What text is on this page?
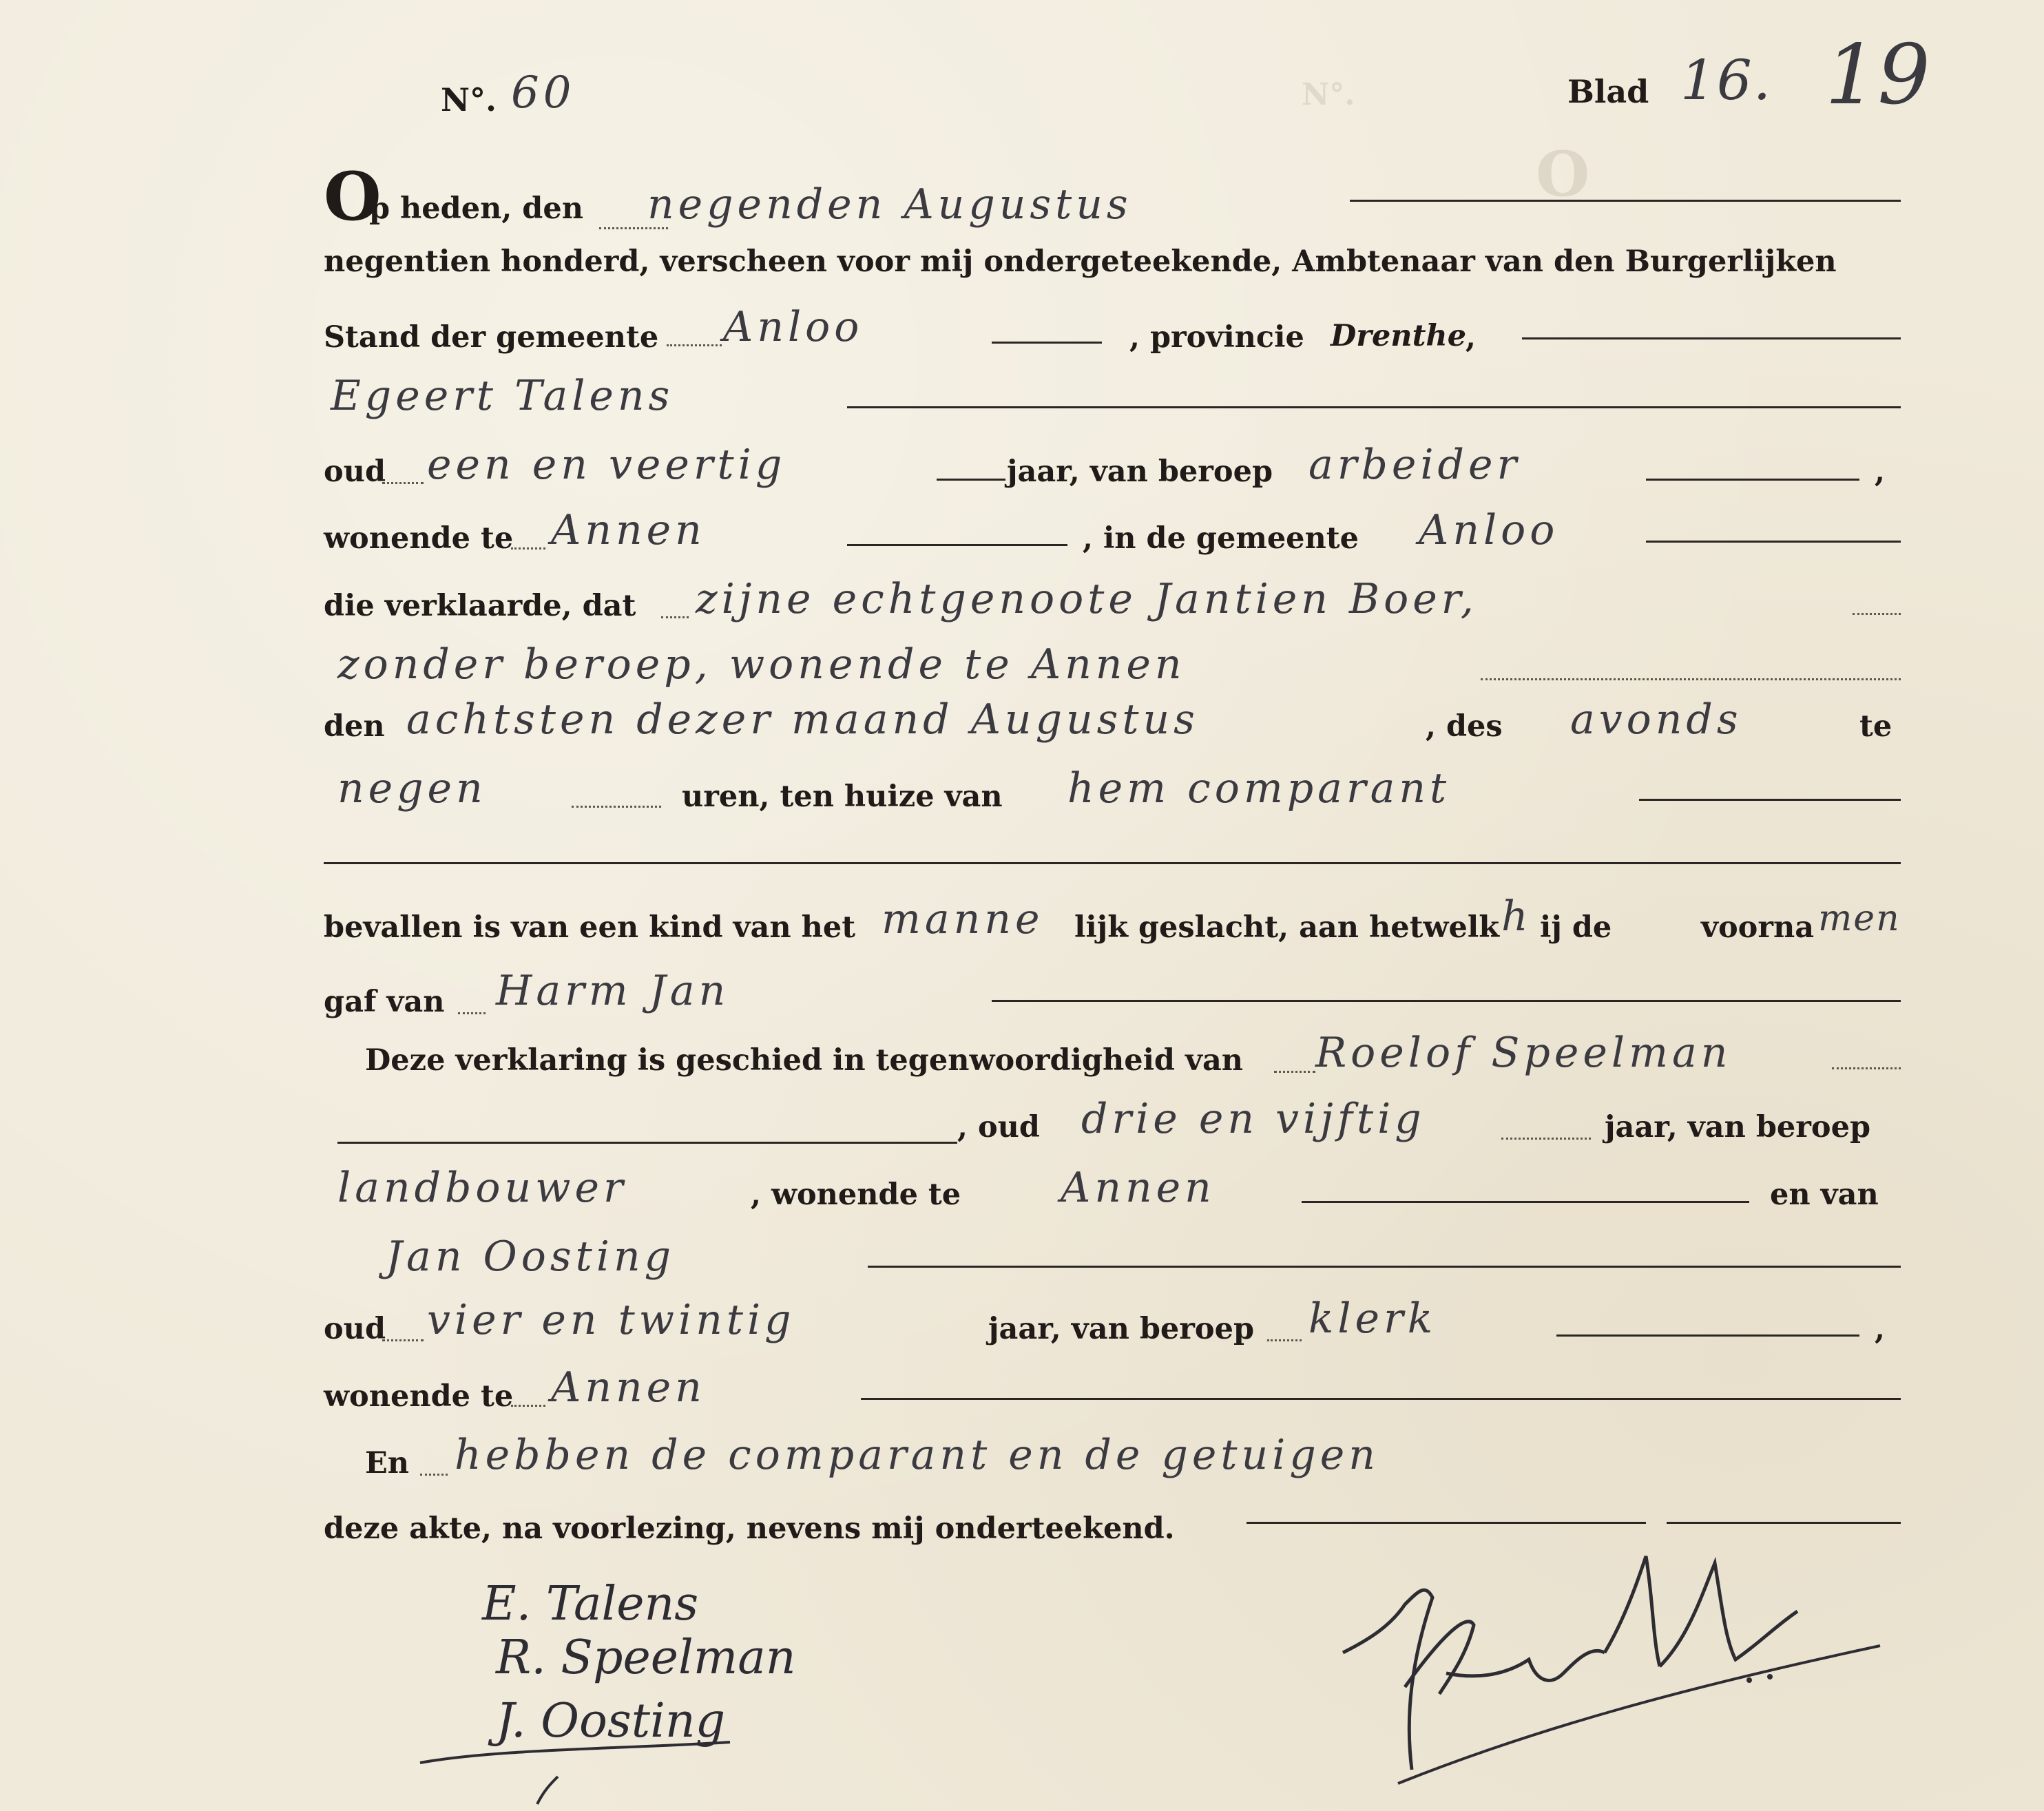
N°.
O
N°. 60	Blad 16. 19
O
p heden, den negenden Augustus
negentien honderd, verscheen voor mij ondergeteekende, Ambtenaar van den Burgerlijken
Stand der gemeente Anloo	, provincie Drenthe
,
Egeert Talens
oud een en veertig	jaar, van beroep arbeider	,
wonende te Annen	, in de gemeente Anloo
die verklaarde, dat zijne echtgenoote Jantien Boer,
zonder beroep, wonende te Annen
den achtsten dezer maand Augustus	, des avonds	te
negen	uren, ten huize van hem comparant
bevallen is van een kind van het manne lijk geslacht, aan hetwelk h ij de	voorna men
gaf van Harm Jan
Deze verklaring is geschied in tegenwoordigheid van Roelof Speelman
, oud drie en vijftig	jaar, van beroep
landbouwer	, wonende te Annen	en van
Jan Oosting
oud vier en twintig	jaar, van beroep klerk	,
wonende te Annen
En hebben de comparant en de getuigen
deze akte, na voorlezing, nevens mij onderteekend.
E. Talens
R. Speelman
J. Oosting
